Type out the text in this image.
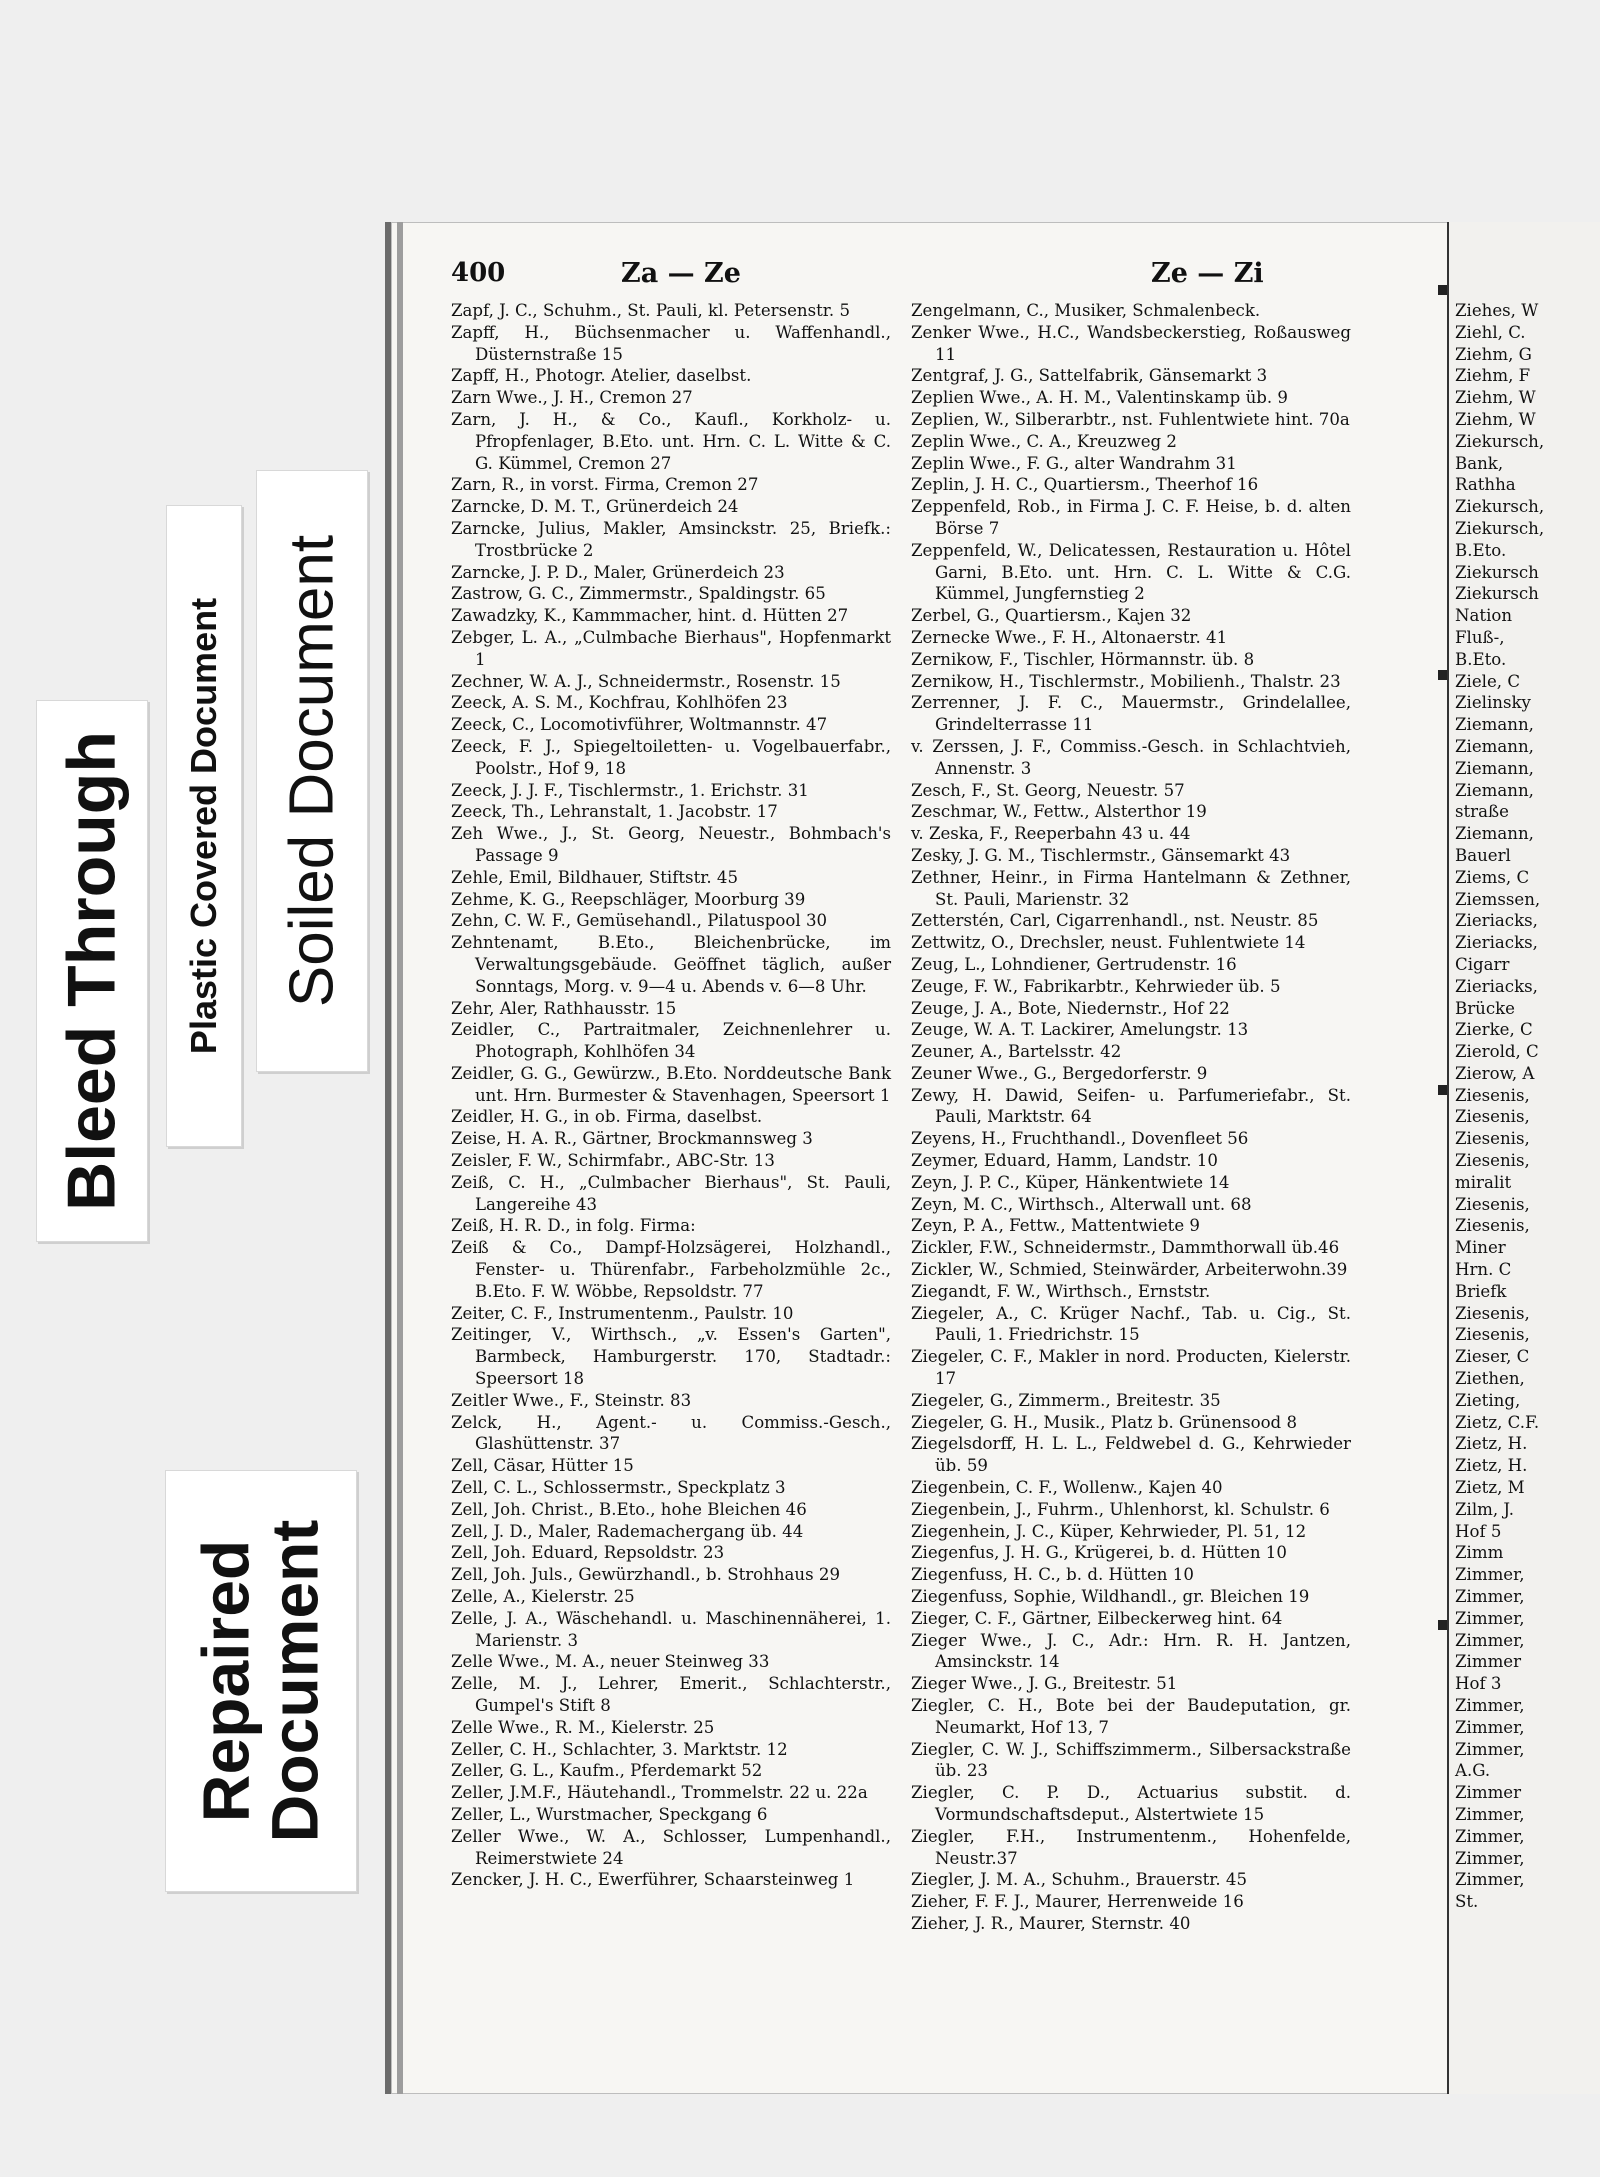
Bleed Through Plastic Covered Document Soiled Document
Repaired
Document
400	Za — Ze	Ze — Zi
Zapf, J. C., Schuhm., St. Pauli, kl. Petersenstr. 5
Zapff, H., Büchsenmacher u. Waffenhandl., Düsternstraße 15
Zapff, H., Photogr. Atelier, daselbst.
Zarn Wwe., J. H., Cremon 27
Zarn, J. H., & Co., Kaufl., Korkholz- u. Pfropfenlager, B.Eto. unt. Hrn. C. L. Witte & C. G. Kümmel, Cremon 27
Zarn, R., in vorst. Firma, Cremon 27
Zarncke, D. M. T., Grünerdeich 24
Zarncke, Julius, Makler, Amsinckstr. 25, Briefk.: Trostbrücke 2
Zarncke, J. P. D., Maler, Grünerdeich 23
Zastrow, G. C., Zimmermstr., Spaldingstr. 65
Zawadzky, K., Kammmacher, hint. d. Hütten 27
Zebger, L. A., „Culmbache Bierhaus", Hopfenmarkt 1
Zechner, W. A. J., Schneidermstr., Rosenstr. 15
Zeeck, A. S. M., Kochfrau, Kohlhöfen 23
Zeeck, C., Locomotivführer, Woltmannstr. 47
Zeeck, F. J., Spiegeltoiletten- u. Vogelbauerfabr., Poolstr., Hof 9, 18
Zeeck, J. J. F., Tischlermstr., 1. Erichstr. 31
Zeeck, Th., Lehranstalt, 1. Jacobstr. 17
Zeh Wwe., J., St. Georg, Neuestr., Bohmbach's Passage 9
Zehle, Emil, Bildhauer, Stiftstr. 45
Zehme, K. G., Reepschläger, Moorburg 39
Zehn, C. W. F., Gemüsehandl., Pilatuspool 30
Zehntenamt, B.Eto., Bleichenbrücke, im Verwaltungsgebäude. Geöffnet täglich, außer Sonntags, Morg. v. 9—4 u. Abends v. 6—8 Uhr.
Zehr, Aler, Rathhausstr. 15
Zeidler, C., Partraitmaler, Zeichnenlehrer u. Photograph, Kohlhöfen 34
Zeidler, G. G., Gewürzw., B.Eto. Norddeutsche Bank unt. Hrn. Burmester & Stavenhagen, Speersort 1
Zeidler, H. G., in ob. Firma, daselbst.
Zeise, H. A. R., Gärtner, Brockmannsweg 3
Zeisler, F. W., Schirmfabr., ABC-Str. 13
Zeiß, C. H., „Culmbacher Bierhaus", St. Pauli, Langereihe 43
Zeiß, H. R. D., in folg. Firma:
Zeiß & Co., Dampf-Holzsägerei, Holzhandl., Fenster- u. Thürenfabr., Farbeholzmühle 2c., B.Eto. F. W. Wöbbe, Repsoldstr. 77
Zeiter, C. F., Instrumentenm., Paulstr. 10
Zeitinger, V., Wirthsch., „v. Essen's Garten", Barmbeck, Hamburgerstr. 170, Stadtadr.: Speersort 18
Zeitler Wwe., F., Steinstr. 83
Zelck, H., Agent.- u. Commiss.-Gesch., Glashüttenstr. 37
Zell, Cäsar, Hütter 15
Zell, C. L., Schlossermstr., Speckplatz 3
Zell, Joh. Christ., B.Eto., hohe Bleichen 46
Zell, J. D., Maler, Rademachergang üb. 44
Zell, Joh. Eduard, Repsoldstr. 23
Zell, Joh. Juls., Gewürzhandl., b. Strohhaus 29
Zelle, A., Kielerstr. 25
Zelle, J. A., Wäschehandl. u. Maschinennäherei, 1. Marienstr. 3
Zelle Wwe., M. A., neuer Steinweg 33
Zelle, M. J., Lehrer, Emerit., Schlachterstr., Gumpel's Stift 8
Zelle Wwe., R. M., Kielerstr. 25
Zeller, C. H., Schlachter, 3. Marktstr. 12
Zeller, G. L., Kaufm., Pferdemarkt 52
Zeller, J.M.F., Häutehandl., Trommelstr. 22 u. 22a
Zeller, L., Wurstmacher, Speckgang 6
Zeller Wwe., W. A., Schlosser, Lumpenhandl., Reimerstwiete 24
Zencker, J. H. C., Ewerführer, Schaarsteinweg 1
Zengelmann, C., Musiker, Schmalenbeck.
Zenker Wwe., H.C., Wandsbeckerstieg, Roßausweg 11
Zentgraf, J. G., Sattelfabrik, Gänsemarkt 3
Zeplien Wwe., A. H. M., Valentinskamp üb. 9
Zeplien, W., Silberarbtr., nst. Fuhlentwiete hint. 70a
Zeplin Wwe., C. A., Kreuzweg 2
Zeplin Wwe., F. G., alter Wandrahm 31
Zeplin, J. H. C., Quartiersm., Theerhof 16
Zeppenfeld, Rob., in Firma J. C. F. Heise, b. d. alten Börse 7
Zeppenfeld, W., Delicatessen, Restauration u. Hôtel Garni, B.Eto. unt. Hrn. C. L. Witte & C.G. Kümmel, Jungfernstieg 2
Zerbel, G., Quartiersm., Kajen 32
Zernecke Wwe., F. H., Altonaerstr. 41
Zernikow, F., Tischler, Hörmannstr. üb. 8
Zernikow, H., Tischlermstr., Mobilienh., Thalstr. 23
Zerrenner, J. F. C., Mauermstr., Grindelallee, Grindelterrasse 11
v. Zerssen, J. F., Commiss.-Gesch. in Schlachtvieh, Annenstr. 3
Zesch, F., St. Georg, Neuestr. 57
Zeschmar, W., Fettw., Alsterthor 19
v. Zeska, F., Reeperbahn 43 u. 44
Zesky, J. G. M., Tischlermstr., Gänsemarkt 43
Zethner, Heinr., in Firma Hantelmann & Zethner, St. Pauli, Marienstr. 32
Zetterstén, Carl, Cigarrenhandl., nst. Neustr. 85
Zettwitz, O., Drechsler, neust. Fuhlentwiete 14
Zeug, L., Lohndiener, Gertrudenstr. 16
Zeuge, F. W., Fabrikarbtr., Kehrwieder üb. 5
Zeuge, J. A., Bote, Niedernstr., Hof 22
Zeuge, W. A. T. Lackirer, Amelungstr. 13
Zeuner, A., Bartelsstr. 42
Zeuner Wwe., G., Bergedorferstr. 9
Zewy, H. Dawid, Seifen- u. Parfumeriefabr., St. Pauli, Marktstr. 64
Zeyens, H., Fruchthandl., Dovenfleet 56
Zeymer, Eduard, Hamm, Landstr. 10
Zeyn, J. P. C., Küper, Hänkentwiete 14
Zeyn, M. C., Wirthsch., Alterwall unt. 68
Zeyn, P. A., Fettw., Mattentwiete 9
Zickler, F.W., Schneidermstr., Dammthorwall üb.46
Zickler, W., Schmied, Steinwärder, Arbeiterwohn.39
Ziegandt, F. W., Wirthsch., Ernststr.
Ziegeler, A., C. Krüger Nachf., Tab. u. Cig., St. Pauli, 1. Friedrichstr. 15
Ziegeler, C. F., Makler in nord. Producten, Kielerstr. 17
Ziegeler, G., Zimmerm., Breitestr. 35
Ziegeler, G. H., Musik., Platz b. Grünensood 8
Ziegelsdorff, H. L. L., Feldwebel d. G., Kehrwieder üb. 59
Ziegenbein, C. F., Wollenw., Kajen 40
Ziegenbein, J., Fuhrm., Uhlenhorst, kl. Schulstr. 6
Ziegenhein, J. C., Küper, Kehrwieder, Pl. 51, 12
Ziegenfus, J. H. G., Krügerei, b. d. Hütten 10
Ziegenfuss, H. C., b. d. Hütten 10
Ziegenfuss, Sophie, Wildhandl., gr. Bleichen 19
Zieger, C. F., Gärtner, Eilbeckerweg hint. 64
Zieger Wwe., J. C., Adr.: Hrn. R. H. Jantzen, Amsinckstr. 14
Zieger Wwe., J. G., Breitestr. 51
Ziegler, C. H., Bote bei der Baudeputation, gr. Neumarkt, Hof 13, 7
Ziegler, C. W. J., Schiffszimmerm., Silbersackstraße üb. 23
Ziegler, C. P. D., Actuarius substit. d. Vormundschaftsdeput., Alstertwiete 15
Ziegler, F.H., Instrumentenm., Hohenfelde, Neustr.37
Ziegler, J. M. A., Schuhm., Brauerstr. 45
Zieher, F. F. J., Maurer, Herrenweide 16
Zieher, J. R., Maurer, Sternstr. 40
Ziehes, W
Ziehl, C.
Ziehm, G
Ziehm, F
Ziehm, W
Ziehm, W
Ziekursch,
Bank,
Rathha
Ziekursch,
Ziekursch,
B.Eto.
Ziekursch
Ziekursch
Nation
Fluß-,
B.Eto.
Ziele, C
Zielinsky
Ziemann,
Ziemann,
Ziemann,
Ziemann,
straße
Ziemann,
Bauerl
Ziems, C
Ziemssen,
Zieriacks,
Zieriacks,
Cigarr
Zieriacks,
Brücke
Zierke, C
Zierold, C
Zierow, A
Ziesenis,
Ziesenis,
Ziesenis,
Ziesenis,
miralit
Ziesenis,
Ziesenis,
Miner
Hrn. C
Briefk
Ziesenis,
Ziesenis,
Zieser, C
Ziethen,
Zieting,
Zietz, C.F.
Zietz, H.
Zietz, H.
Zietz, M
Zilm, J.
Hof 5
Zimm
Zimmer,
Zimmer,
Zimmer,
Zimmer,
Zimmer
Hof 3
Zimmer,
Zimmer,
Zimmer,
A.G.
Zimmer
Zimmer,
Zimmer,
Zimmer,
Zimmer,
St.
